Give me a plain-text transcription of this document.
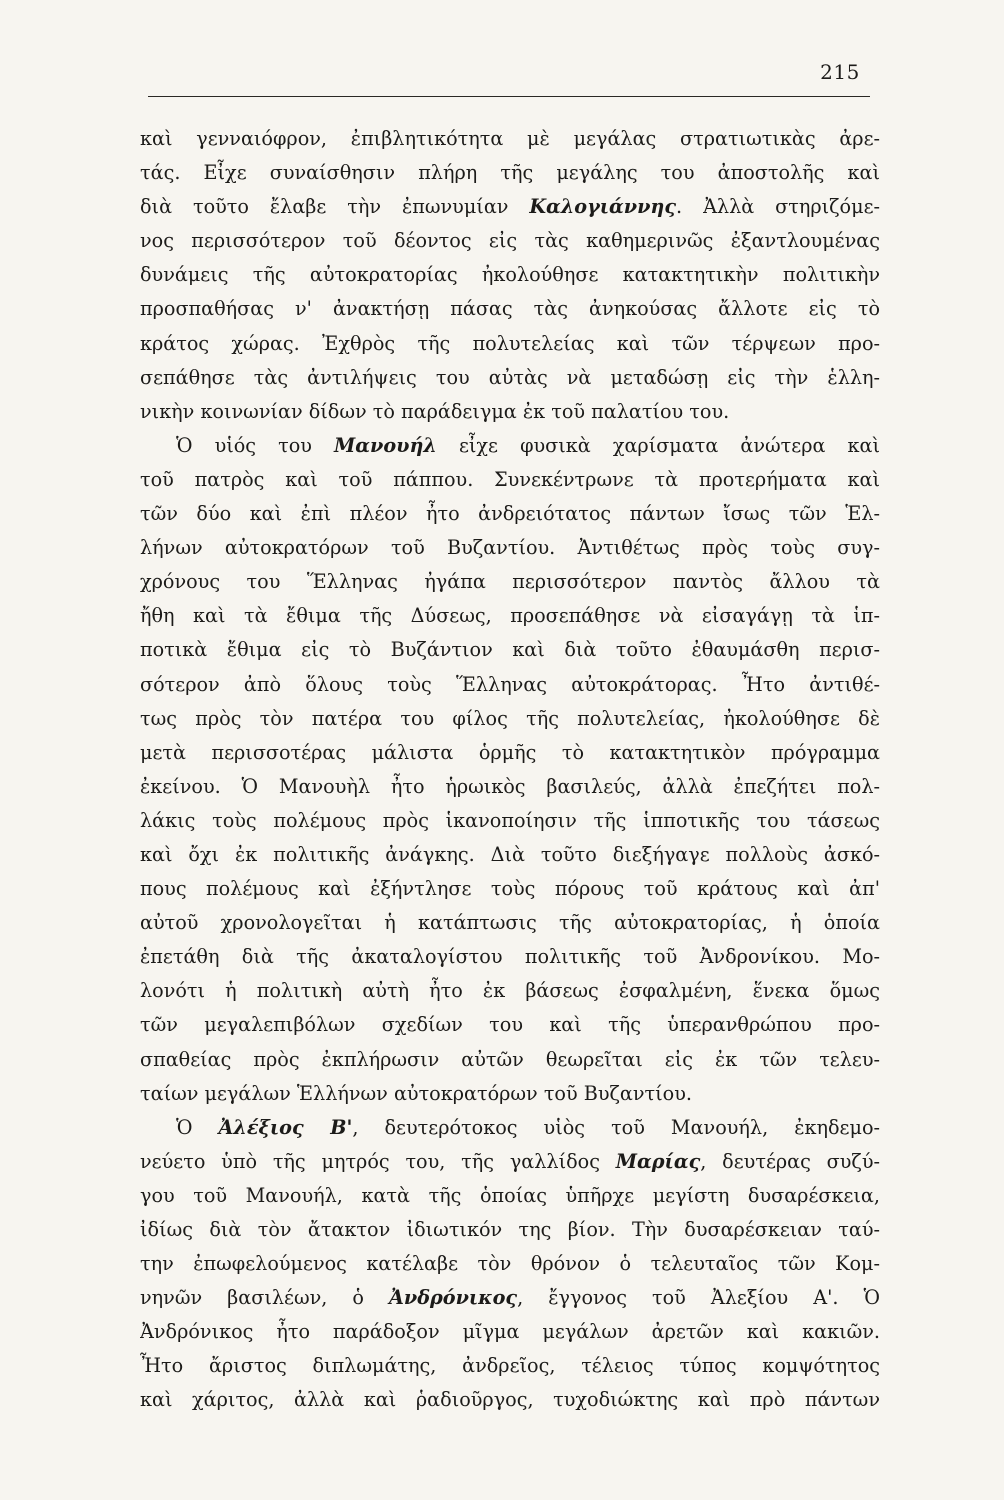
215
καὶ γενναιόφρον, ἐπιβλητικότητα μὲ μεγάλας στρατιωτικὰς ἀρε-
τάς. Εἶχε συναίσθησιν πλήρη τῆς μεγάλης του ἀποστολῆς καὶ
διὰ τοῦτο ἔλαβε τὴν ἐπωνυμίαν Καλογιάννης. Ἀλλὰ στηριζόμε-
νος περισσότερον τοῦ δέοντος εἰς τὰς καθημερινῶς ἐξαντλουμένας
δυνάμεις τῆς αὐτοκρατορίας ἠκολούθησε κατακτητικὴν πολιτικὴν
προσπαθήσας ν' ἀνακτήσῃ πάσας τὰς ἀνηκούσας ἄλλοτε εἰς τὸ
κράτος χώρας. Ἐχθρὸς τῆς πολυτελείας καὶ τῶν τέρψεων προ-
σεπάθησε τὰς ἀντιλήψεις του αὐτὰς νὰ μεταδώσῃ εἰς τὴν ἑλλη-
νικὴν κοινωνίαν δίδων τὸ παράδειγμα ἐκ τοῦ παλατίου του.
Ὁ υἱός του Μανουήλ εἶχε φυσικὰ χαρίσματα ἀνώτερα καὶ
τοῦ πατρὸς καὶ τοῦ πάππου. Συνεκέντρωνε τὰ προτερήματα καὶ
τῶν δύο καὶ ἐπὶ πλέον ἦτο ἀνδρειότατος πάντων ἴσως τῶν Ἑλ-
λήνων αὐτοκρατόρων τοῦ Βυζαντίου. Ἀντιθέτως πρὸς τοὺς συγ-
χρόνους του Ἕλληνας ἠγάπα περισσότερον παντὸς ἄλλου τὰ
ἤθη καὶ τὰ ἔθιμα τῆς Δύσεως, προσεπάθησε νὰ εἰσαγάγῃ τὰ ἱπ-
ποτικὰ ἔθιμα εἰς τὸ Βυζάντιον καὶ διὰ τοῦτο ἐθαυμάσθη περισ-
σότερον ἀπὸ ὅλους τοὺς Ἕλληνας αὐτοκράτορας. Ἦτο ἀντιθέ-
τως πρὸς τὸν πατέρα του φίλος τῆς πολυτελείας, ἠκολούθησε δὲ
μετὰ περισσοτέρας μάλιστα ὁρμῆς τὸ κατακτητικὸν πρόγραμμα
ἐκείνου. Ὁ Μανουὴλ ἦτο ἡρωικὸς βασιλεύς, ἀλλὰ ἐπεζήτει πολ-
λάκις τοὺς πολέμους πρὸς ἱκανοποίησιν τῆς ἱπποτικῆς του τάσεως
καὶ ὄχι ἐκ πολιτικῆς ἀνάγκης. Διὰ τοῦτο διεξήγαγε πολλοὺς ἀσκό-
πους πολέμους καὶ ἐξήντλησε τοὺς πόρους τοῦ κράτους καὶ ἀπ'
αὐτοῦ χρονολογεῖται ἡ κατάπτωσις τῆς αὐτοκρατορίας, ἡ ὁποία
ἐπετάθη διὰ τῆς ἀκαταλογίστου πολιτικῆς τοῦ Ἀνδρονίκου. Μο-
λονότι ἡ πολιτικὴ αὐτὴ ἦτο ἐκ βάσεως ἐσφαλμένη, ἕνεκα ὅμως
τῶν μεγαλεπιβόλων σχεδίων του καὶ τῆς ὑπερανθρώπου προ-
σπαθείας πρὸς ἐκπλήρωσιν αὐτῶν θεωρεῖται εἰς ἐκ τῶν τελευ-
ταίων μεγάλων Ἑλλήνων αὐτοκρατόρων τοῦ Βυζαντίου.
Ὁ Ἀλέξιος Β', δευτερότοκος υἱὸς τοῦ Μανουήλ, ἐκηδεμο-
νεύετο ὑπὸ τῆς μητρός του, τῆς γαλλίδος Μαρίας, δευτέρας συζύ-
γου τοῦ Μανουήλ, κατὰ τῆς ὁποίας ὑπῆρχε μεγίστη δυσαρέσκεια,
ἰδίως διὰ τὸν ἄτακτον ἰδιωτικόν της βίον. Τὴν δυσαρέσκειαν ταύ-
την ἐπωφελούμενος κατέλαβε τὸν θρόνον ὁ τελευταῖος τῶν Κομ-
νηνῶν βασιλέων, ὁ Ἀνδρόνικος, ἔγγονος τοῦ Ἀλεξίου Α'. Ὁ
Ἀνδρόνικος ἦτο παράδοξον μῖγμα μεγάλων ἀρετῶν καὶ κακιῶν.
Ἦτο ἄριστος διπλωμάτης, ἀνδρεῖος, τέλειος τύπος κομψότητος
καὶ χάριτος, ἀλλὰ καὶ ῥαδιοῦργος, τυχοδιώκτης καὶ πρὸ πάντων
